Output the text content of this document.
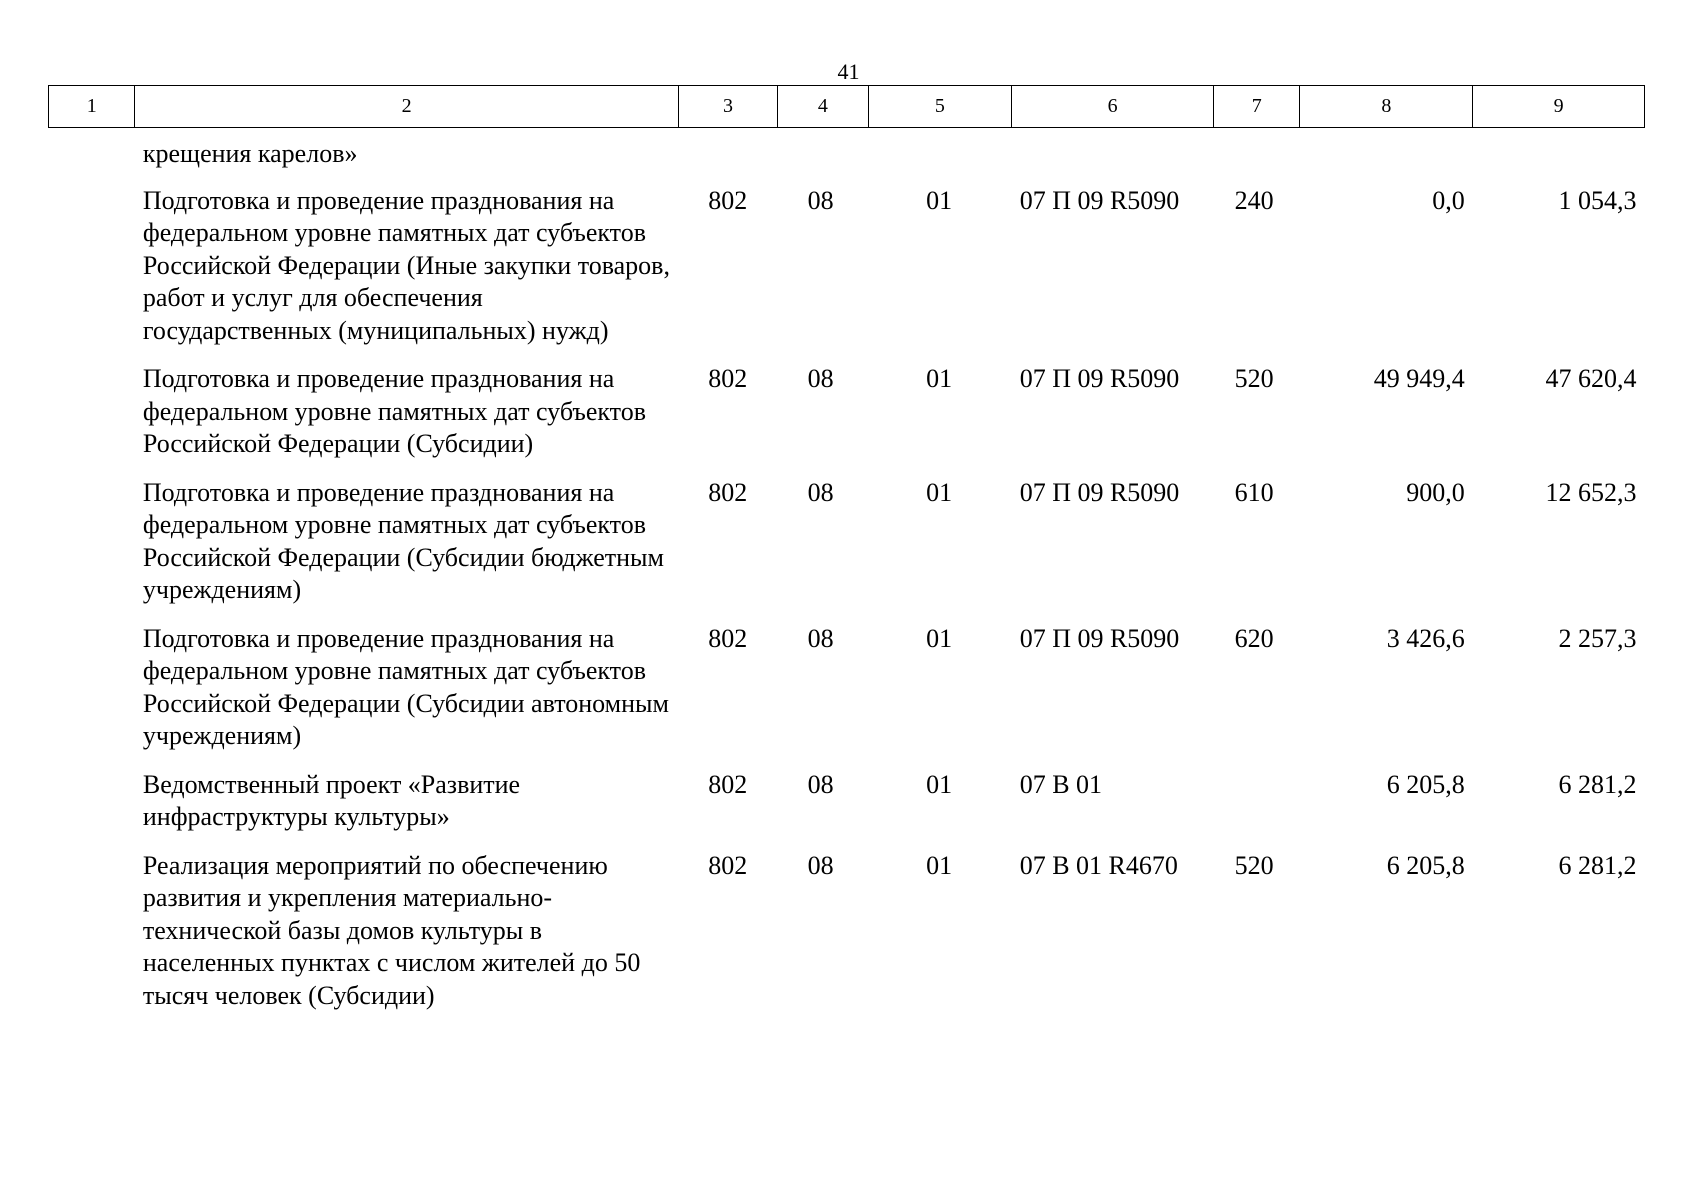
41
1	2	3	4	5	6	7	8	9
	крещения карелов»							
	Подготовка и проведение празднования на федеральном уровне памятных дат субъектов Российской Федерации (Иные закупки товаров, работ и услуг для обеспечения государственных (муниципальных) нужд)	802	08	01	07 П 09 R5090	240	0,0	1 054,3
	Подготовка и проведение празднования на федеральном уровне памятных дат субъектов Российской Федерации (Субсидии)	802	08	01	07 П 09 R5090	520	49 949,4	47 620,4
	Подготовка и проведение празднования на федеральном уровне памятных дат субъектов Российской Федерации (Субсидии бюджетным учреждениям)	802	08	01	07 П 09 R5090	610	900,0	12 652,3
	Подготовка и проведение празднования на федеральном уровне памятных дат субъектов Российской Федерации (Субсидии автономным учреждениям)	802	08	01	07 П 09 R5090	620	3 426,6	2 257,3
	Ведомственный проект «Развитие инфраструктуры культуры»	802	08	01	07 В 01		6 205,8	6 281,2
	Реализация мероприятий по обеспечению развития и укрепления материально-технической базы домов культуры в населенных пунктах с числом жителей до 50 тысяч человек (Субсидии)	802	08	01	07 В 01 R4670	520	6 205,8	6 281,2
